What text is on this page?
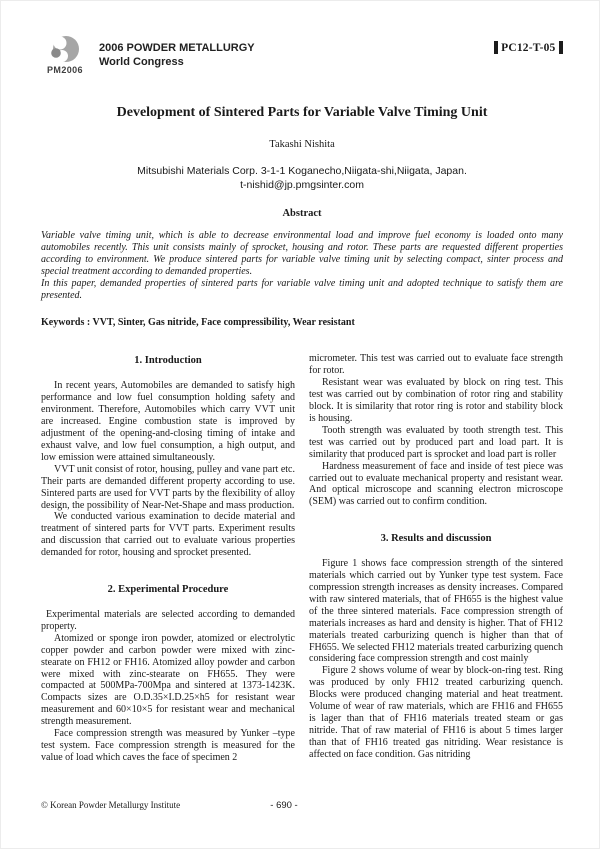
PM2006
2006 POWDER METALLURGY
World Congress
PC12-T-05
Development of Sintered Parts for Variable Valve Timing Unit
Takashi Nishita
Mitsubishi Materials Corp. 3-1-1 Koganecho,Niigata-shi,Niigata, Japan.
t-nishid@jp.pmgsinter.com
Abstract

Variable valve timing unit, which is able to decrease environmental load and improve fuel economy is loaded onto many automobiles recently. This unit consists mainly of sprocket, housing and rotor. These parts are requested different properties according to environment. We produce sintered parts for variable valve timing unit by selecting compact, sinter process and special treatment according to demanded properties.

In this paper, demanded properties of sintered parts for variable valve timing unit and adopted technique to satisfy them are presented.

Keywords : VVT, Sinter, Gas nitride, Face compressibility, Wear resistant
1. Introduction

In recent years, Automobiles are demanded to satisfy high performance and low fuel consumption holding safety and environment. Therefore, Automobiles which carry VVT unit are increased. Engine combustion state is improved by adjustment of the opening-and-closing timing of intake and exhaust valve, and low fuel consumption, a high output, and low emission were attained simultaneously.

VVT unit consist of rotor, housing, pulley and vane part etc. Their parts are demanded different property according to use. Sintered parts are used for VVT parts by the flexibility of alloy design, the possibility of Near-Net-Shape and mass production.

We conducted various examination to decide material and treatment of sintered parts for VVT parts. Experiment results and discussion that carried out to evaluate various properties demanded for rotor, housing and sprocket presented.

2. Experimental Procedure

Experimental materials are selected according to demanded property.

Atomized or sponge iron powder, atomized or electrolytic copper powder and carbon powder were mixed with zinc-stearate on FH12 or FH16. Atomized alloy powder and carbon were mixed with zinc-stearate on FH655. They were compacted at 500MPa-700Mpa and sintered at 1373-1423K. Compacts sizes are O.D.35×I.D.25×h5 for resistant wear measurement and 60×10×5 for resistant wear and mechanical strength measurement.

Face compression strength was measured by Yunker –type test system. Face compression strength is measured for the value of load which caves the face of specimen 2

micrometer. This test was carried out to evaluate face strength for rotor.

Resistant wear was evaluated by block on ring test. This test was carried out by combination of rotor ring and stability block. It is similarity that rotor ring is rotor and stability block is housing.

Tooth strength was evaluated by tooth strength test. This test was carried out by produced part and load part. It is similarity that produced part is sprocket and load part is roller

Hardness measurement of face and inside of test piece was carried out to evaluate mechanical property and resistant wear. And optical microscope and scanning electron microscope (SEM) was carried out to confirm condition.

3. Results and discussion

Figure 1 shows face compression strength of the sintered materials which carried out by Yunker type test system. Face compression strength increases as density increases. Compared with raw sintered materials, that of FH655 is the highest value of the three sintered materials. Face compression strength of materials increases as hard and density is higher. That of FH12 materials treated carburizing quench is higher than that of FH655. We selected FH12 materials treated carburizing quench considering face compression strength and cost mainly

Figure 2 shows volume of wear by block-on-ring test. Ring was produced by only FH12 treated carburizing quench. Blocks were produced changing material and heat treatment. Volume of wear of raw materials, which are FH16 and FH655 is lager than that of FH16 materials treated steam or gas nitride. That of raw material of FH16 is about 5 times larger than that of FH16 treated gas nitriding. Wear resistance is affected on face condition. Gas nitriding

© Korean Powder Metallurgy Institute	- 690 -
